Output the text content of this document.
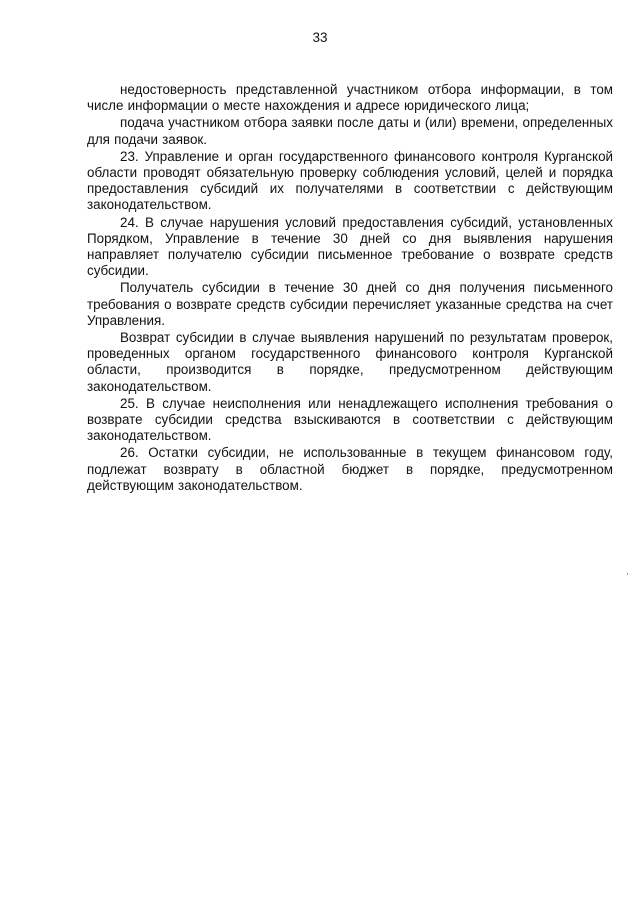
33

недостоверность представленной участником отбора информации, в том числе информации о месте нахождения и адресе юридического лица;

подача участником отбора заявки после даты и (или) времени, определенных для подачи заявок.

23. Управление и орган государственного финансового контроля Курганской области проводят обязательную проверку соблюдения условий, целей и порядка предоставления субсидий их получателями в соответствии с действующим законодательством.

24. В случае нарушения условий предоставления субсидий, установленных Порядком, Управление в течение 30 дней со дня выявления нарушения направляет получателю субсидии письменное требование о возврате средств субсидии.

Получатель субсидии в течение 30 дней со дня получения письменного требования о возврате средств субсидии перечисляет указанные средства на счет Управления.

Возврат субсидии в случае выявления нарушений по результатам проверок, проведенных органом государственного финансового контроля Курганской области, производится в порядке, предусмотренном действующим законодательством.

25. В случае неисполнения или ненадлежащего исполнения требования о возврате субсидии средства взыскиваются в соответствии с действующим законодательством.

26. Остатки субсидии, не использованные в текущем финансовом году, подлежат возврату в областной бюджет в порядке, предусмотренном действующим законодательством.
